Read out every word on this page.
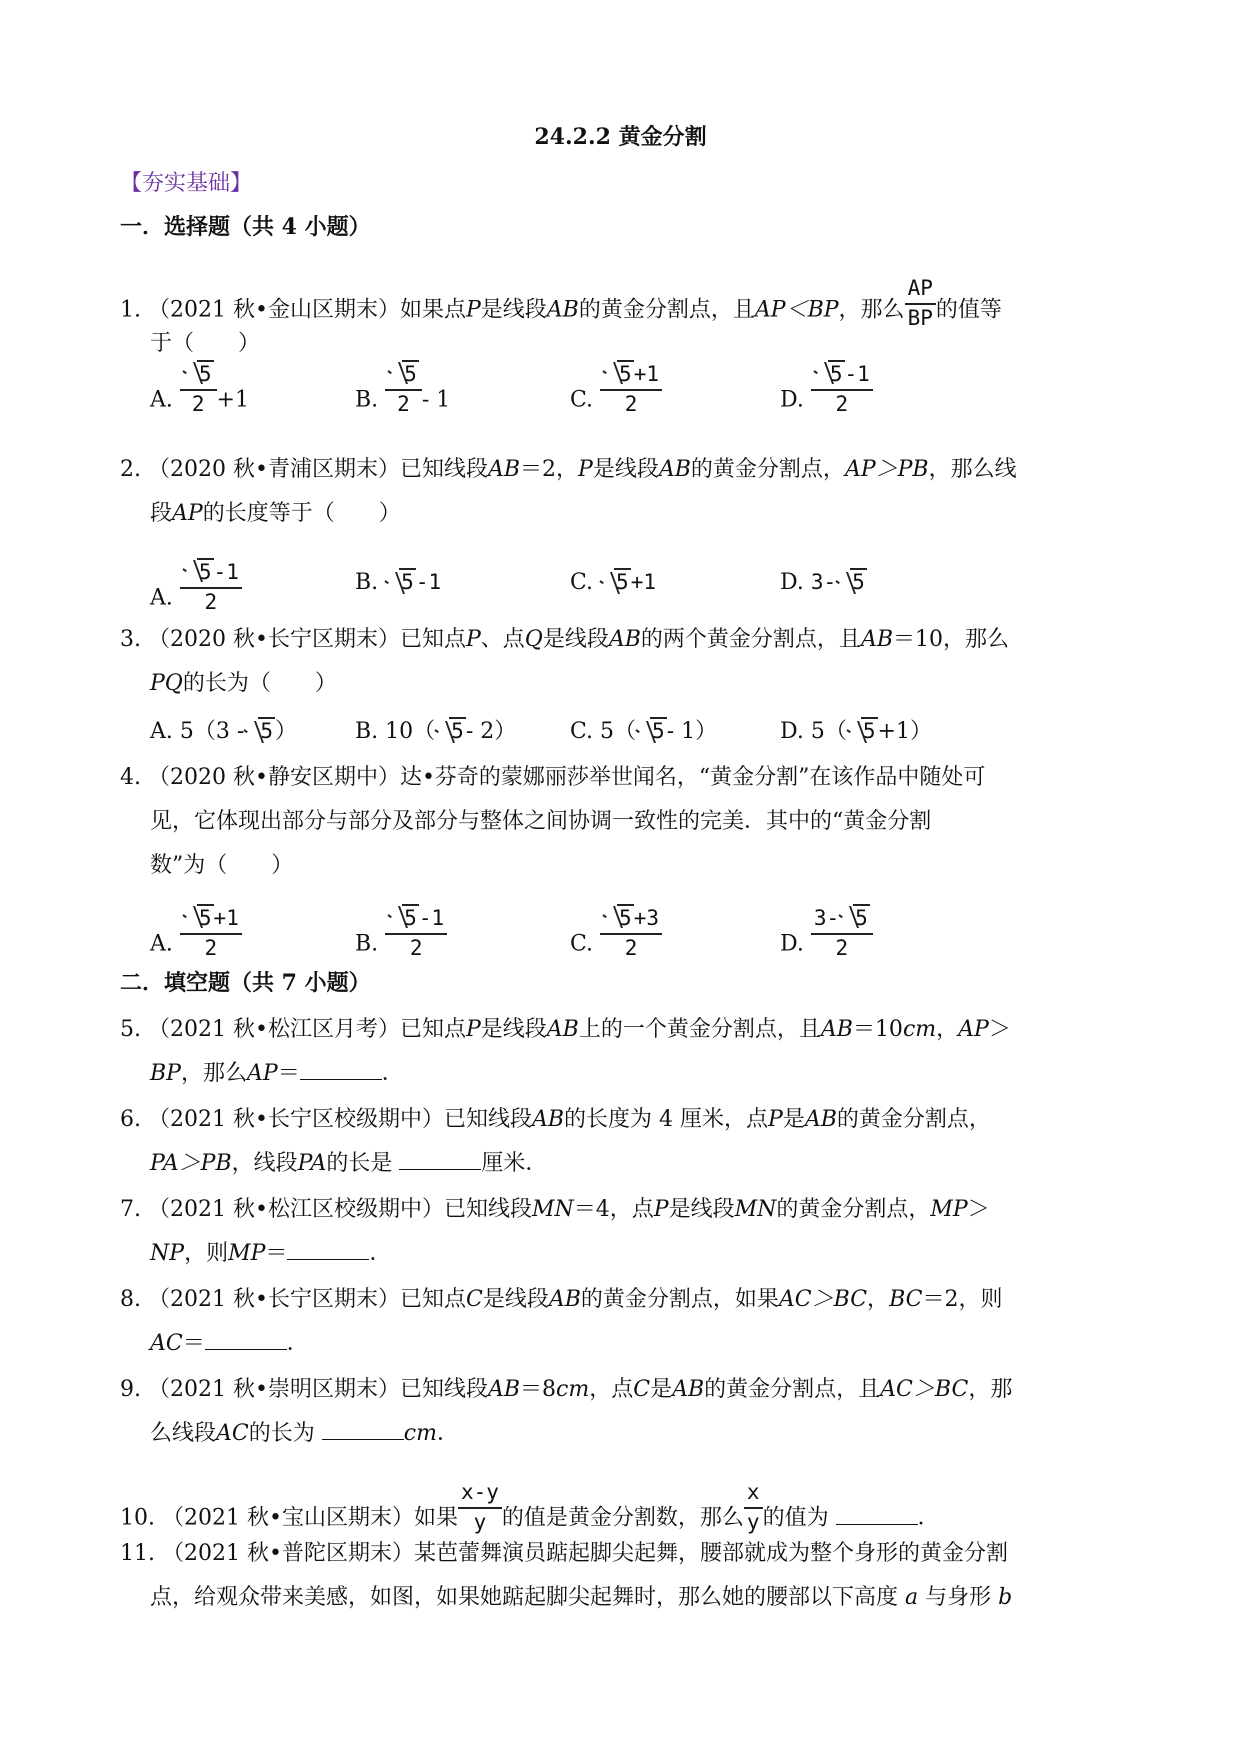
24.2.2 黄金分割
【夯实基础】
一．选择题（共 4 小题）
1. （2021 秋•金山区期末）如果点P是线段AB的黄金分割点，且AP＜BP，那么 $\frac{AP}{BP}$ 的值等
于（　　）
A. $\frac{5}{2} +1$	B. $\frac{5}{2} - 1$	C. $\frac{5+1}{2}$	D. $\frac{5-1}{2}$
2. （2020 秋•青浦区期末）已知线段AB＝2，P是线段AB的黄金分割点，AP＞PB，那么线
段AP的长度等于（　　）
A. $\frac{5-1}{2}$	B. 5-1	C. 5+1	D. 3- 5
3. （2020 秋•长宁区期末）已知点P、点Q是线段AB的两个黄金分割点，且AB＝10，那么
PQ的长为（　　）
A. 5（3 - 5）	B. 10（ 5- 2） C. 5（ 5- 1）	D. 5（ 5+1）
4. （2020 秋•静安区期中）达•芬奇的蒙娜丽莎举世闻名，“黄金分割”在该作品中随处可
见，它体现出部分与部分及部分与整体之间协调一致性的完美．其中的“黄金分割
数”为（　　）
A. $\frac{5+1}{2}$	B. $\frac{5-1}{2}$	C. $\frac{5+3}{2}$	D. $\frac{3- 5}{2}$
二．填空题（共 7 小题）
5. （2021 秋•松江区月考）已知点P是线段AB上的一个黄金分割点，且AB＝10cm，AP＞
BP，那么AP＝	．
6. （2021 秋•长宁区校级期中）已知线段AB的长度为 4 厘米，点P是AB的黄金分割点，
PA＞PB，线段PA的长是	厘米．
7. （2021 秋•松江区校级期中）已知线段MN＝4，点P是线段MN的黄金分割点，MP＞
NP，则MP＝	．
8. （2021 秋•长宁区期末）已知点C是线段AB的黄金分割点，如果AC＞BC，BC＝2，则
AC＝	．
9. （2021 秋•崇明区期末）已知线段AB＝8cm，点C是AB的黄金分割点，且AC＞BC，那
么线段AC的长为	cm．
10. （2021 秋•宝山区期末）如果 $\frac{x-y}{y}$ 的值是黄金分割数，那么 $\frac{x}{y}$ 的值为	．
11. （2021 秋•普陀区期末）某芭蕾舞演员踮起脚尖起舞，腰部就成为整个身形的黄金分割
点，给观众带来美感，如图，如果她踮起脚尖起舞时，那么她的腰部以下高度 a 与身形 b
